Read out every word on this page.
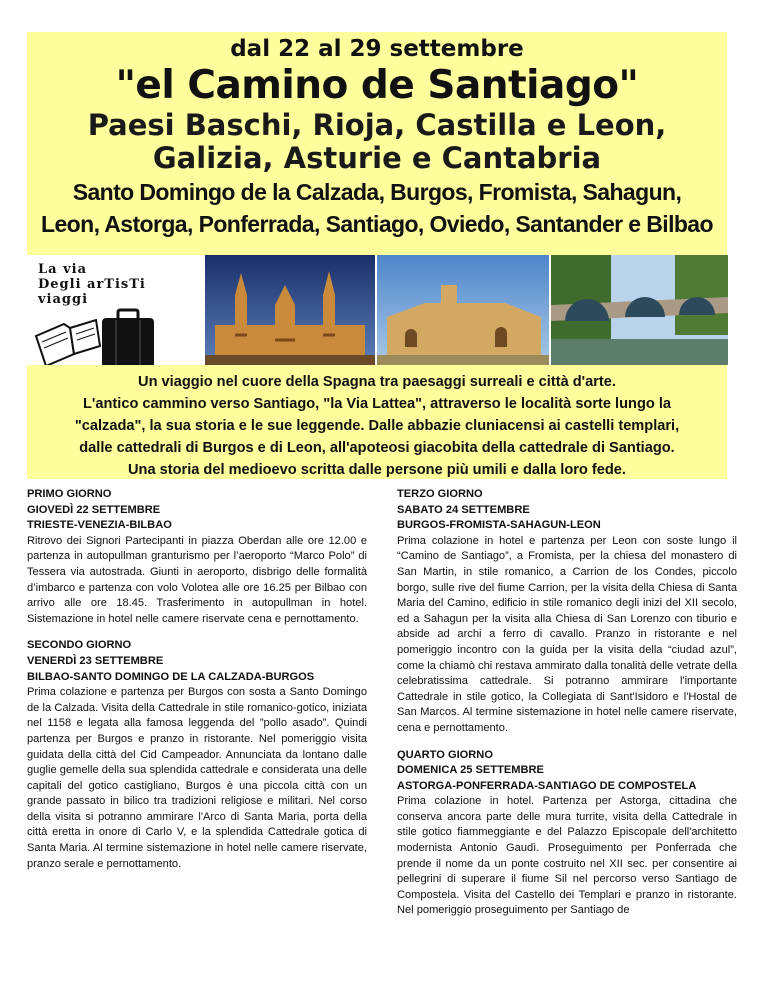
dal 22 al 29 settembre
"el Camino de Santiago"
Paesi Baschi, Rioja, Castilla e Leon,
Galizia, Asturie e Cantabria
Santo Domingo de la Calzada, Burgos, Fromista, Sahagun,
Leon, Astorga, Ponferrada, Santiago, Oviedo, Santander e Bilbao
La via
Degli arTisTi
viaggi
Un viaggio nel cuore della Spagna tra paesaggi surreali e città d'arte.
L'antico cammino verso Santiago, "la Via Lattea", attraverso le località sorte lungo la
"calzada", la sua storia e le sue leggende. Dalle abbazie cluniacensi ai castelli templari,
dalle cattedrali di Burgos e di Leon, all'apoteosi giacobita della cattedrale di Santiago.
Una storia del medioevo scritta dalle persone più umili e dalla loro fede.
PRIMO GIORNO
GIOVEDÌ 22 SETTEMBRE
TRIESTE-VENEZIA-BILBAO
Ritrovo dei Signori Partecipanti in piazza Oberdan alle ore 12.00 e partenza in autopullman granturismo per l’aeroporto “Marco Polo” di Tessera via autostrada. Giunti in aeroporto, disbrigo delle formalità d’imbarco e partenza con volo Volotea alle ore 16.25 per Bilbao con arrivo alle ore 18.45. Trasferimento in autopullman in hotel. Sistemazione in hotel nelle camere riservate cena e pernottamento.
SECONDO GIORNO
VENERDÌ 23 SETTEMBRE
BILBAO-SANTO DOMINGO DE LA CALZADA-BURGOS
Prima colazione e partenza per Burgos con sosta a Santo Domingo de la Calzada. Visita della Cattedrale in stile romanico-gotico, iniziata nel 1158 e legata alla famosa leggenda del ”pollo asado”. Quindi partenza per Burgos e pranzo in ristorante. Nel pomeriggio visita guidata della città del Cid Campeador. Annunciata da lontano dalle guglie gemelle della sua splendida cattedrale e considerata una delle capitali del gotico castigliano, Burgos è una piccola città con un grande passato in bilico tra tradizioni religiose e militari. Nel corso della visita si potranno ammirare l'Arco di Santa Maria, porta della città eretta in onore di Carlo V, e la splendida Cattedrale gotica di Santa Maria. Al termine sistemazione in hotel nelle camere riservate, pranzo serale e pernottamento.
TERZO GIORNO
SABATO 24 SETTEMBRE
BURGOS-FROMISTA-SAHAGUN-LEON
Prima colazione in hotel e partenza per Leon con soste lungo il “Camino de Santiago”, a Fromista, per la chiesa del monastero di San Martin, in stile romanico, a Carrion de los Condes, piccolo borgo, sulle rive del fiume Carrion, per la visita della Chiesa di Santa Maria del Camino, edificio in stile romanico degli inizi del XII secolo, ed a Sahagun per la visita alla Chiesa di San Lorenzo con tiburio e abside ad archi a ferro di cavallo. Pranzo in ristorante e nel pomeriggio incontro con la guida per la visita della “ciudad azul”, come la chiamò chi restava ammirato dalla tonalità delle vetrate della celebratissima cattedrale. Si potranno ammirare l'importante Cattedrale in stile gotico, la Collegiata di Sant'Isidoro e l'Hostal de San Marcos. Al termine sistemazione in hotel nelle camere riservate, cena e pernottamento.
QUARTO GIORNO
DOMENICA 25 SETTEMBRE
ASTORGA-PONFERRADA-SANTIAGO DE COMPOSTELA
Prima colazione in hotel. Partenza per Astorga, cittadina che conserva ancora parte delle mura turrite, visita della Cattedrale in stile gotico fiammeggiante e del Palazzo Episcopale dell'architetto modernista Antonio Gaudì. Proseguimento per Ponferrada che prende il nome da un ponte costruito nel XII sec. per consentire ai pellegrini di superare il fiume Sil nel percorso verso Santiago de Compostela. Visita del Castello dei Templari e pranzo in ristorante. Nel pomeriggio proseguimento per Santiago de
